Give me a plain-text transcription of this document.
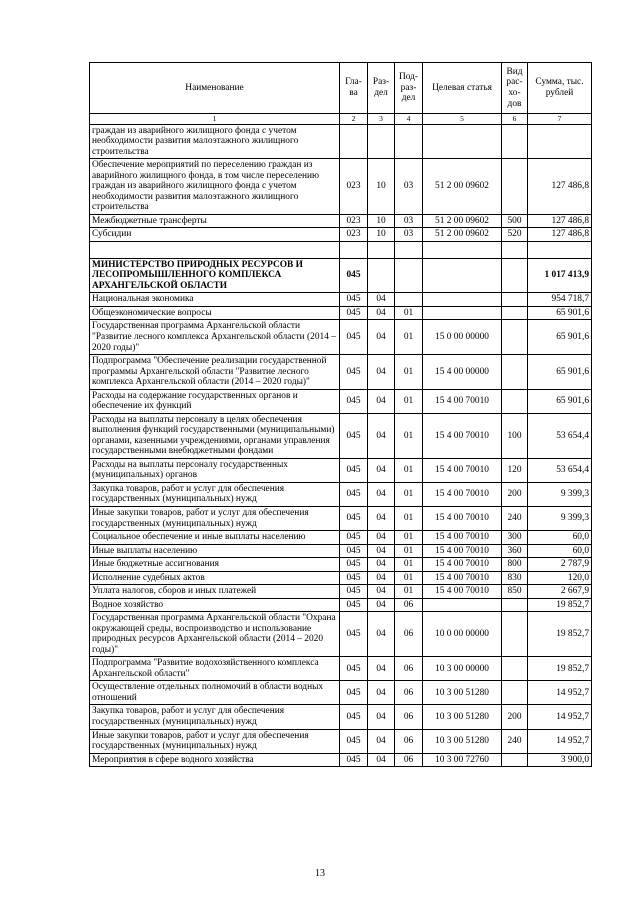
Наименование	Гла-ва	Раз-дел	Под-раз-дел	Целевая статья	Вид рас-хо-дов	Сумма, тыс. рублей
1	2	3	4	5	6	7
граждан из аварийного жилищного фонда с учетом необходимости развития малоэтажного жилищного строительства						
Обеспечение мероприятий по переселению граждан из аварийного жилищного фонда, в том числе переселению граждан из аварийного жилищного фонда с учетом необходимости развития малоэтажного жилищного строительства	023	10	03	51 2 00 09602		127 486,8
Межбюджетные трансферты	023	10	03	51 2 00 09602	500	127 486,8
Субсидии	023	10	03	51 2 00 09602	520	127 486,8

МИНИСТЕРСТВО ПРИРОДНЫХ РЕСУРСОВ И ЛЕСОПРОМЫШЛЕННОГО КОМПЛЕКСА АРХАНГЕЛЬСКОЙ ОБЛАСТИ	045					1 017 413,9
Национальная экономика	045	04				954 718,7
Общеэкономические вопросы	045	04	01			65 901,6
Государственная программа Архангельской области "Развитие лесного комплекса Архангельской области (2014 – 2020 годы)"	045	04	01	15 0 00 00000		65 901,6
Подпрограмма "Обеспечение реализации государственной программы Архангельской области "Развитие лесного комплекса Архангельской области (2014 – 2020 годы)"	045	04	01	15 4 00 00000		65 901,6
Расходы на содержание государственных органов и обеспечение их функций	045	04	01	15 4 00 70010		65 901,6
Расходы на выплаты персоналу в целях обеспечения выполнения функций государственными (муниципальными) органами, казенными учреждениями, органами управления государственными внебюджетными фондами	045	04	01	15 4 00 70010	100	53 654,4
Расходы на выплаты персоналу государственных (муниципальных) органов	045	04	01	15 4 00 70010	120	53 654,4
Закупка товаров, работ и услуг для обеспечения государственных (муниципальных) нужд	045	04	01	15 4 00 70010	200	9 399,3
Иные закупки товаров, работ и услуг для обеспечения государственных (муниципальных) нужд	045	04	01	15 4 00 70010	240	9 399,3
Социальное обеспечение и иные выплаты населению	045	04	01	15 4 00 70010	300	60,0
Иные выплаты населению	045	04	01	15 4 00 70010	360	60,0
Иные бюджетные ассигнования	045	04	01	15 4 00 70010	800	2 787,9
Исполнение судебных актов	045	04	01	15 4 00 70010	830	120,0
Уплата налогов, сборов и иных платежей	045	04	01	15 4 00 70010	850	2 667,9
Водное хозяйство	045	04	06			19 852,7
Государственная программа Архангельской области "Охрана окружающей среды, воспроизводство и использование природных ресурсов Архангельской области (2014 – 2020 годы)"	045	04	06	10 0 00 00000		19 852,7
Подпрограмма "Развитие водохозяйственного комплекса Архангельской области"	045	04	06	10 3 00 00000		19 852,7
Осуществление отдельных полномочий в области водных отношений	045	04	06	10 3 00 51280		14 952,7
Закупка товаров, работ и услуг для обеспечения государственных (муниципальных) нужд	045	04	06	10 3 00 51280	200	14 952,7
Иные закупки товаров, работ и услуг для обеспечения государственных (муниципальных) нужд	045	04	06	10 3 00 51280	240	14 952,7
Мероприятия в сфере водного хозяйства	045	04	06	10 3 00 72760		3 900,0
13
